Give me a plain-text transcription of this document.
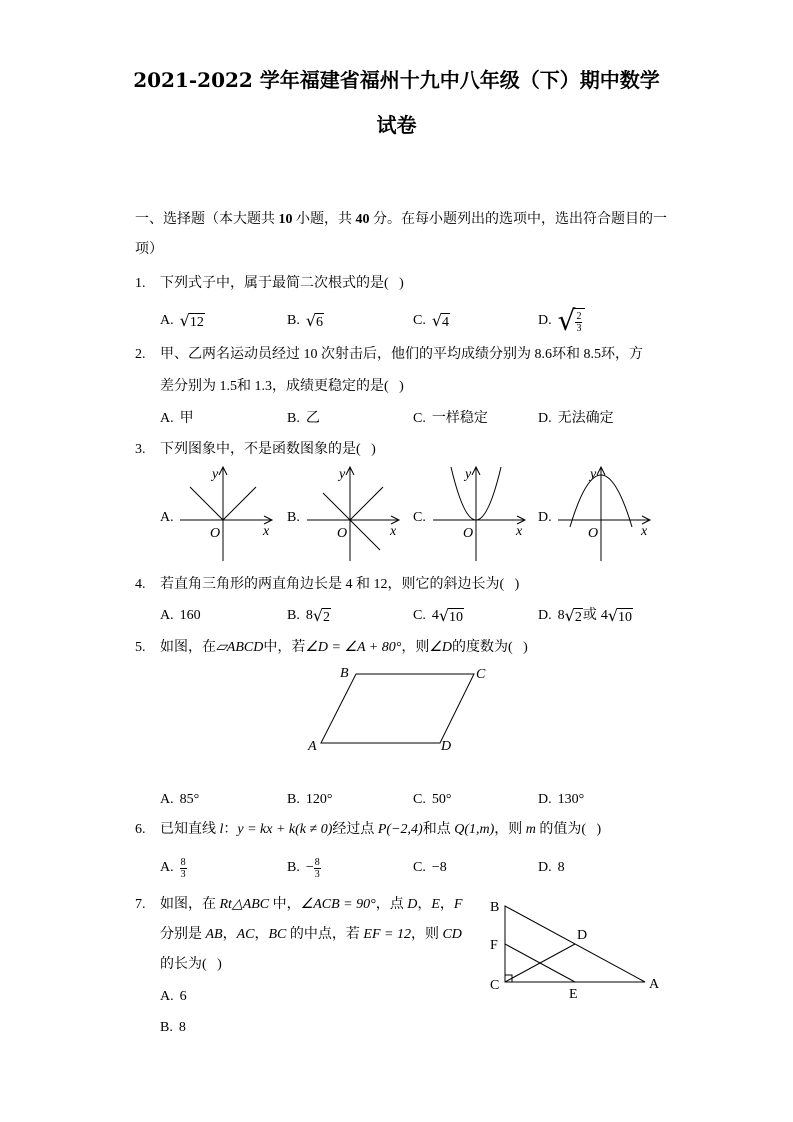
2021-2022 学年福建省福州十九中八年级（下）期中数学
试卷
一、选择题（本大题共 10 小题，共 40 分。在每小题列出的选项中，选出符合题目的一
项）
1. 下列式子中，属于最简二次根式的是(   )
A. √ 12	B. √ 6	C. √ 4	D. √ $\frac{2}{3}$
2. 甲、乙两名运动员经过 10 次射击后，他们的平均成绩分别为 8.6环和 8.5环，方
差分别为 1.5和 1.3，成绩更稳定的是(   )
A. 甲	B. 乙	C. 一样稳定	D. 无法确定
3. 下列图象中，不是函数图象的是(   )
A.
y
x
O
B.
y
x
O
C.
y
x
O
D.
y
x
O
4. 若直角三角形的两直角边长是 4 和 12，则它的斜边长为(   )
A. 160	B. 8 √ 2	C. 4 √ 10	D. 8 √ 2 或 4 √ 10
5. 如图，在 ▱ABCD 中，若 ∠D = ∠A + 80° ，则 ∠D 的度数为(   )
B	C
A	D
A. 85°	B. 120°	C. 50°	D. 130°
6. 已知直线 l ： y = kx + k(k ≠ 0) 经过点 P(−2,4) 和点 Q(1,m) ，则 m 的值为(   )
A. $\frac{8}{3}$	B. − $\frac{8}{3}$	C. −8	D. 8
7. 如图，在 Rt△ABC 中， ∠ACB = 90° ，点 D ， E ， F
分别是 AB ， AC ， BC 的中点，若 EF = 12 ，则 CD
的长为(   )
A. 6
B. 8
B
F
C
E
A
D
